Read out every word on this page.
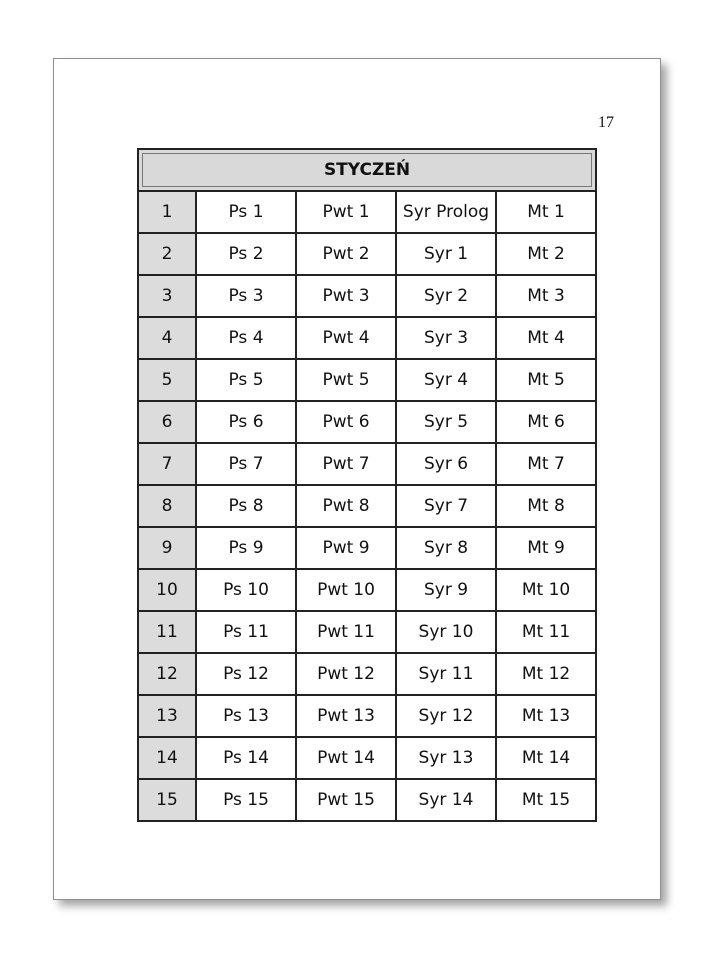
17
STYCZEŃ				
1	Ps 1	Pwt 1	Syr Prolog	Mt 1
2	Ps 2	Pwt 2	Syr 1	Mt 2
3	Ps 3	Pwt 3	Syr 2	Mt 3
4	Ps 4	Pwt 4	Syr 3	Mt 4
5	Ps 5	Pwt 5	Syr 4	Mt 5
6	Ps 6	Pwt 6	Syr 5	Mt 6
7	Ps 7	Pwt 7	Syr 6	Mt 7
8	Ps 8	Pwt 8	Syr 7	Mt 8
9	Ps 9	Pwt 9	Syr 8	Mt 9
10	Ps 10	Pwt 10	Syr 9	Mt 10
11	Ps 11	Pwt 11	Syr 10	Mt 11
12	Ps 12	Pwt 12	Syr 11	Mt 12
13	Ps 13	Pwt 13	Syr 12	Mt 13
14	Ps 14	Pwt 14	Syr 13	Mt 14
15	Ps 15	Pwt 15	Syr 14	Mt 15
